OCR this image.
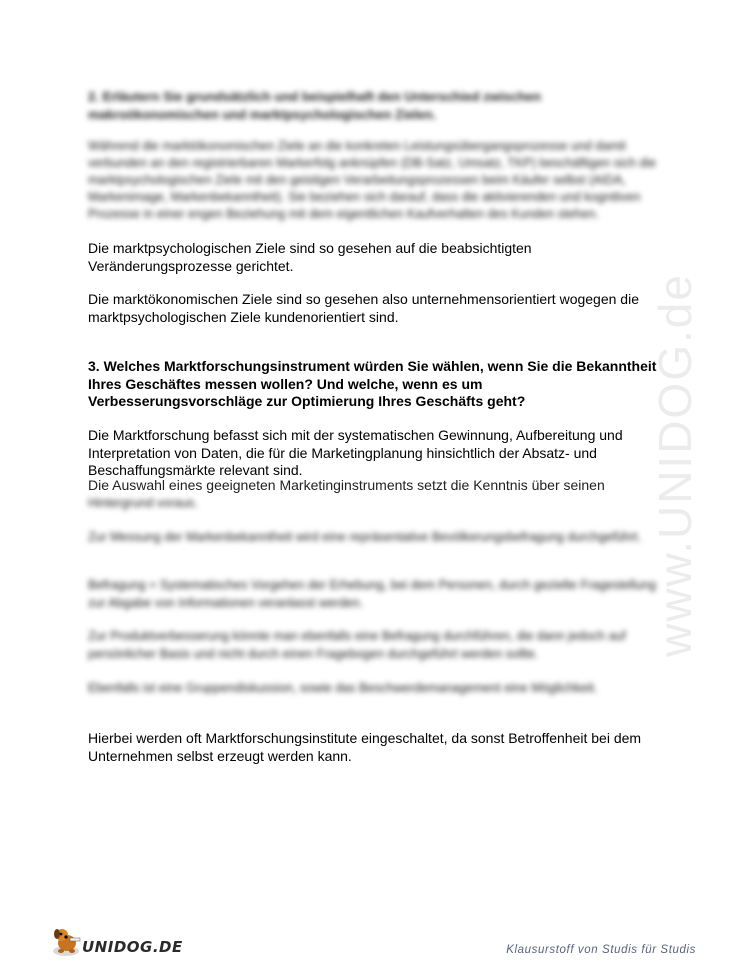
2. Erläutern Sie grundsätzlich und beispielhaft den Unterschied zwischen makroökonomischen und marktpsychologischen Zielen.
Während die marktökonomischen Ziele an die konkreten Leistungsübergangsprozesse und damit verbunden an den registrierbaren Markerfolg anknüpfen (DB-Satz, Umsatz, TKP) beschäftigen sich die marktpsychologischen Ziele mit den geistigen Verarbeitungsprozessen beim Käufer selbst (AIDA, Markenimage, Markenbekanntheit). Sie beziehen sich darauf, dass die aktivierenden und kognitiven Prozesse in einer engen Beziehung mit dem eigentlichen Kaufverhalten des Kunden stehen.
Die marktpsychologischen Ziele sind so gesehen auf die beabsichtigten Veränderungsprozesse gerichtet.
Die marktökonomischen Ziele sind so gesehen also unternehmensorientiert wogegen die marktpsychologischen Ziele kundenorientiert sind.
3. Welches Marktforschungsinstrument würden Sie wählen, wenn Sie die Bekanntheit Ihres Geschäftes messen wollen? Und welche, wenn es um Verbesserungsvorschläge zur Optimierung Ihres Geschäfts geht?
Die Marktforschung befasst sich mit der systematischen Gewinnung, Aufbereitung und Interpretation von Daten, die für die Marketingplanung hinsichtlich der Absatz- und Beschaffungsmärkte relevant sind.
Die Auswahl eines geeigneten Marketinginstruments setzt die Kenntnis über seinen
Hintergrund voraus.
Zur Messung der Markenbekanntheit wird eine repräsentative Bevölkerungsbefragung durchgeführt.
Befragung = Systematisches Vorgehen der Erhebung, bei dem Personen, durch gezielte Fragestellung zur Abgabe von Informationen veranlasst werden.
Zur Produktverbesserung könnte man ebenfalls eine Befragung durchführen, die dann jedoch auf persönlicher Basis und nicht durch einen Fragebogen durchgeführt werden sollte.
Ebenfalls ist eine Gruppendiskussion, sowie das Beschwerdemanagement eine Möglichkeit.
Hierbei werden oft Marktforschungsinstitute eingeschaltet, da sonst Betroffenheit bei dem Unternehmen selbst erzeugt werden kann.
www.UNIDOG.de
UNIDOG.DE	Klausurstoff von Studis für Studis
